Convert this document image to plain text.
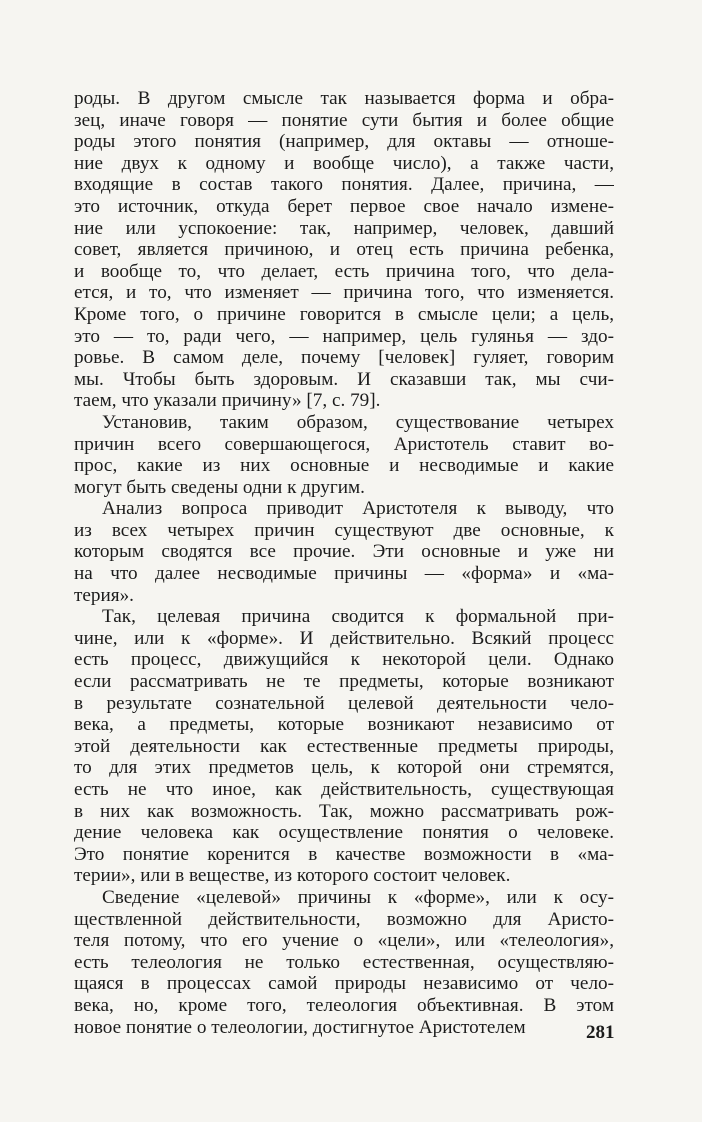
роды. В другом смысле так называется форма и обра-
зец, иначе говоря — понятие сути бытия и более общие
роды этого понятия (например, для октавы — отноше-
ние двух к одному и вообще число), а также части,
входящие в состав такого понятия. Далее, причина, —
это источник, откуда берет первое свое начало измене-
ние или успокоение: так, например, человек, давший
совет, является причиною, и отец есть причина ребенка,
и вообще то, что делает, есть причина того, что дела-
ется, и то, что изменяет — причина того, что изменяется.
Кроме того, о причине говорится в смысле цели; а цель,
это — то, ради чего, — например, цель гулянья — здо-
ровье. В самом деле, почему [человек] гуляет, говорим
мы. Чтобы быть здоровым. И сказавши так, мы счи-
таем, что указали причину» [7, с. 79].

Установив, таким образом, существование четырех
причин всего совершающегося, Аристотель ставит во-
прос, какие из них основные и несводимые и какие
могут быть сведены одни к другим.

Анализ вопроса приводит Аристотеля к выводу, что
из всех четырех причин существуют две основные, к
которым сводятся все прочие. Эти основные и уже ни
на что далее несводимые причины — «форма» и «ма-
терия».

Так, целевая причина сводится к формальной при-
чине, или к «форме». И действительно. Всякий процесс
есть процесс, движущийся к некоторой цели. Однако
если рассматривать не те предметы, которые возникают
в результате сознательной целевой деятельности чело-
века, а предметы, которые возникают независимо от
этой деятельности как естественные предметы природы,
то для этих предметов цель, к которой они стремятся,
есть не что иное, как действительность, существующая
в них как возможность. Так, можно рассматривать рож-
дение человека как осуществление понятия о человеке.
Это понятие коренится в качестве возможности в «ма-
терии», или в веществе, из которого состоит человек.

Сведение «целевой» причины к «форме», или к осу-
ществленной действительности, возможно для Аристо-
теля потому, что его учение о «цели», или «телеология»,
есть телеология не только естественная, осуществляю-
щаяся в процессах самой природы независимо от чело-
века, но, кроме того, телеология объективная. В этом
новое понятие о телеологии, достигнутое Аристотелем	281
